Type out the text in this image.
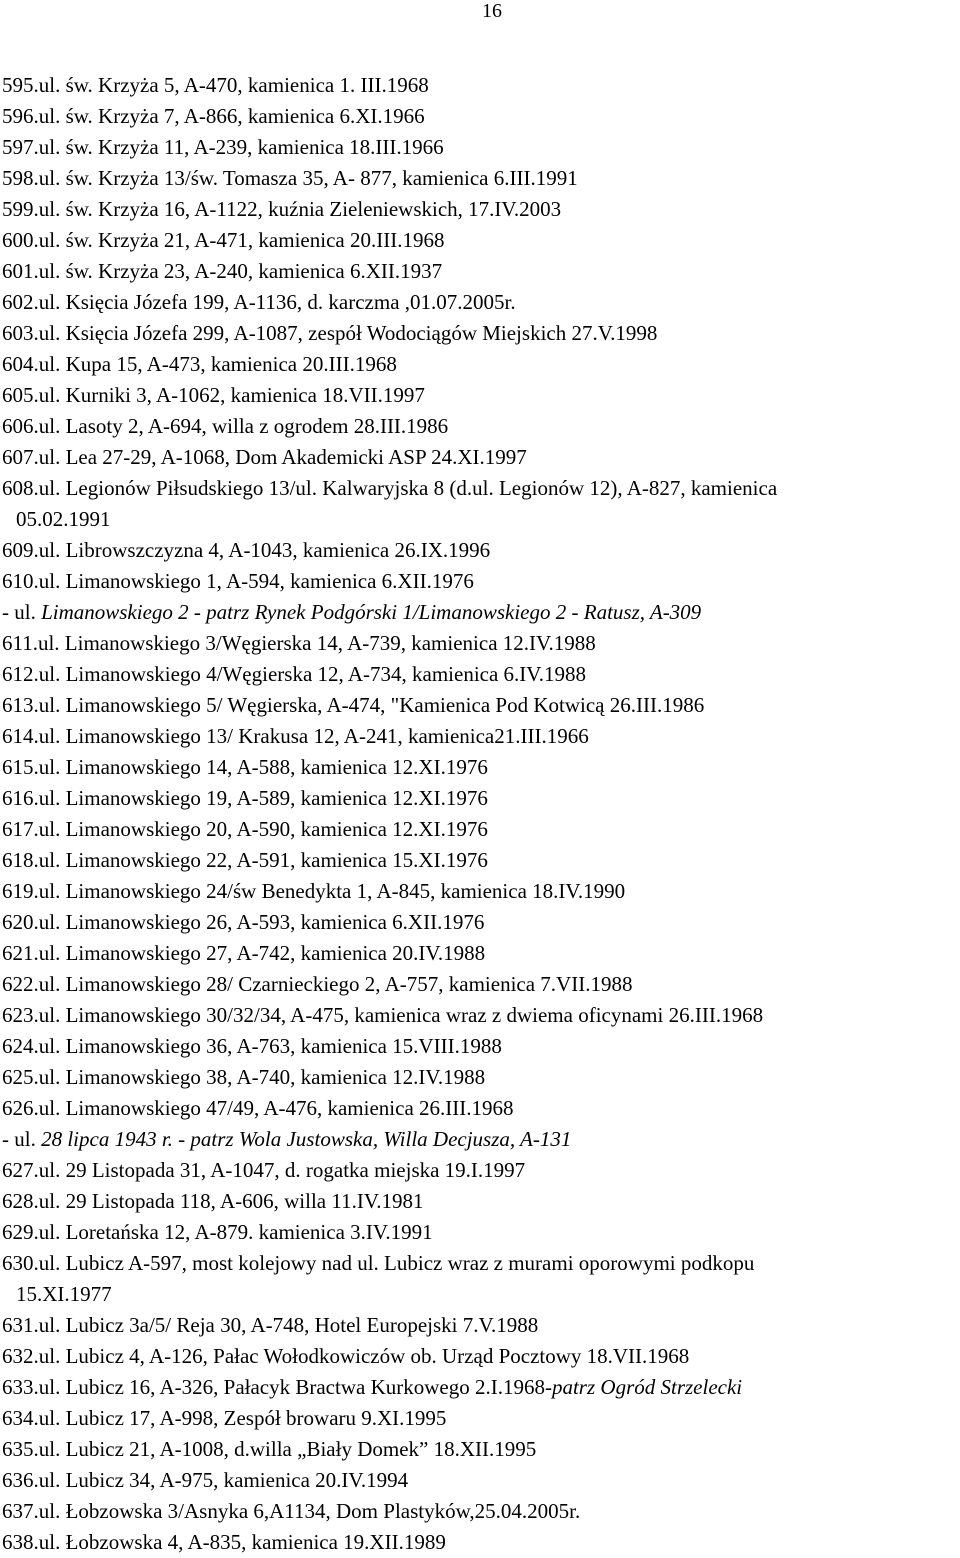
16
595.ul. św. Krzyża 5, A-470, kamienica 1. III.1968
596.ul. św. Krzyża 7, A-866, kamienica 6.XI.1966
597.ul. św. Krzyża 11, A-239, kamienica 18.III.1966
598.ul. św. Krzyża 13/św. Tomasza 35, A- 877, kamienica 6.III.1991
599.ul. św. Krzyża 16, A-1122, kuźnia Zieleniewskich, 17.IV.2003
600.ul. św. Krzyża 21, A-471, kamienica 20.III.1968
601.ul. św. Krzyża 23, A-240, kamienica 6.XII.1937
602.ul. Księcia Józefa 199, A-1136, d. karczma ,01.07.2005r.
603.ul. Księcia Józefa 299, A-1087, zespół Wodociągów Miejskich 27.V.1998
604.ul. Kupa 15, A-473, kamienica 20.III.1968
605.ul. Kurniki 3, A-1062, kamienica 18.VII.1997
606.ul. Lasoty 2, A-694, willa z ogrodem 28.III.1986
607.ul. Lea 27-29, A-1068, Dom Akademicki ASP 24.XI.1997
608.ul. Legionów Piłsudskiego 13/ul. Kalwaryjska 8 (d.ul. Legionów 12), A-827, kamienica
05.02.1991
609.ul. Librowszczyzna 4, A-1043, kamienica 26.IX.1996
610.ul. Limanowskiego 1, A-594, kamienica 6.XII.1976
- ul. Limanowskiego 2 - patrz Rynek Podgórski 1/Limanowskiego 2 - Ratusz, A-309
611.ul. Limanowskiego 3/Węgierska 14, A-739, kamienica 12.IV.1988
612.ul. Limanowskiego 4/Węgierska 12, A-734, kamienica 6.IV.1988
613.ul. Limanowskiego 5/ Węgierska, A-474, "Kamienica Pod Kotwicą 26.III.1986
614.ul. Limanowskiego 13/ Krakusa 12, A-241, kamienica21.III.1966
615.ul. Limanowskiego 14, A-588, kamienica 12.XI.1976
616.ul. Limanowskiego 19, A-589, kamienica 12.XI.1976
617.ul. Limanowskiego 20, A-590, kamienica 12.XI.1976
618.ul. Limanowskiego 22, A-591, kamienica 15.XI.1976
619.ul. Limanowskiego 24/św Benedykta 1, A-845, kamienica 18.IV.1990
620.ul. Limanowskiego 26, A-593, kamienica 6.XII.1976
621.ul. Limanowskiego 27, A-742, kamienica 20.IV.1988
622.ul. Limanowskiego 28/ Czarnieckiego 2, A-757, kamienica 7.VII.1988
623.ul. Limanowskiego 30/32/34, A-475, kamienica wraz z dwiema oficynami 26.III.1968
624.ul. Limanowskiego 36, A-763, kamienica 15.VIII.1988
625.ul. Limanowskiego 38, A-740, kamienica 12.IV.1988
626.ul. Limanowskiego 47/49, A-476, kamienica 26.III.1968
- ul. 28 lipca 1943 r. - patrz Wola Justowska, Willa Decjusza, A-131
627.ul. 29 Listopada 31, A-1047, d. rogatka miejska 19.I.1997
628.ul. 29 Listopada 118, A-606, willa 11.IV.1981
629.ul. Loretańska 12, A-879. kamienica 3.IV.1991
630.ul. Lubicz A-597, most kolejowy nad ul. Lubicz wraz z murami oporowymi podkopu
15.XI.1977
631.ul. Lubicz 3a/5/ Reja 30, A-748, Hotel Europejski 7.V.1988
632.ul. Lubicz 4, A-126, Pałac Wołodkowiczów ob. Urząd Pocztowy 18.VII.1968
633.ul. Lubicz 16, A-326, Pałacyk Bractwa Kurkowego 2.I.1968-patrz Ogród Strzelecki
634.ul. Lubicz 17, A-998, Zespół browaru 9.XI.1995
635.ul. Lubicz 21, A-1008, d.willa „Biały Domek” 18.XII.1995
636.ul. Lubicz 34, A-975, kamienica 20.IV.1994
637.ul. Łobzowska 3/Asnyka 6,A1134, Dom Plastyków,25.04.2005r.
638.ul. Łobzowska 4, A-835, kamienica 19.XII.1989
